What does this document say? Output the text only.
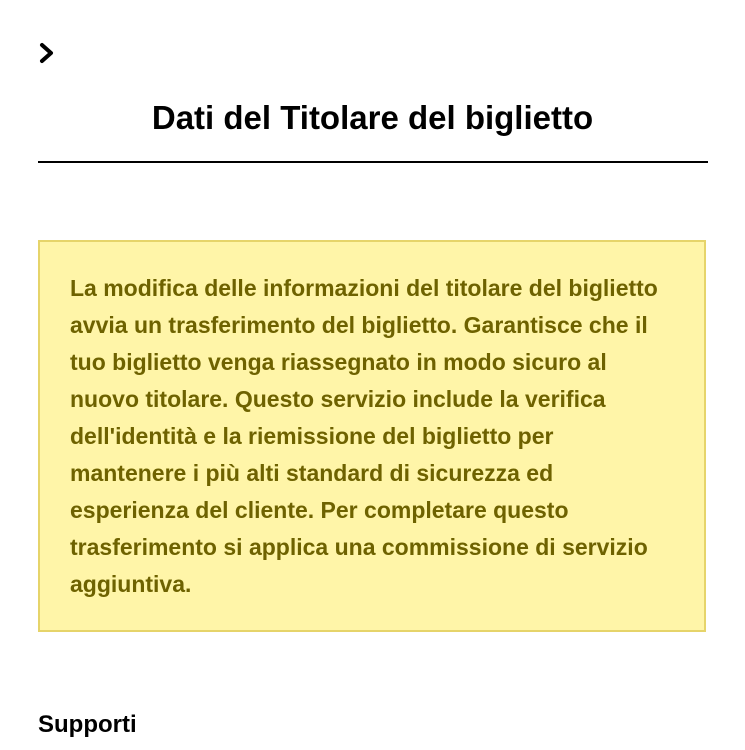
Dati del Titolare del biglietto

La modifica delle informazioni del titolare del biglietto avvia un trasferimento del biglietto. Garantisce che il tuo biglietto venga riassegnato in modo sicuro al nuovo titolare. Questo servizio include la verifica dell'identità e la riemissione del biglietto per mantenere i più alti standard di sicurezza ed esperienza del cliente. Per completare questo trasferimento si applica una commissione di servizio aggiuntiva.

Supporti
